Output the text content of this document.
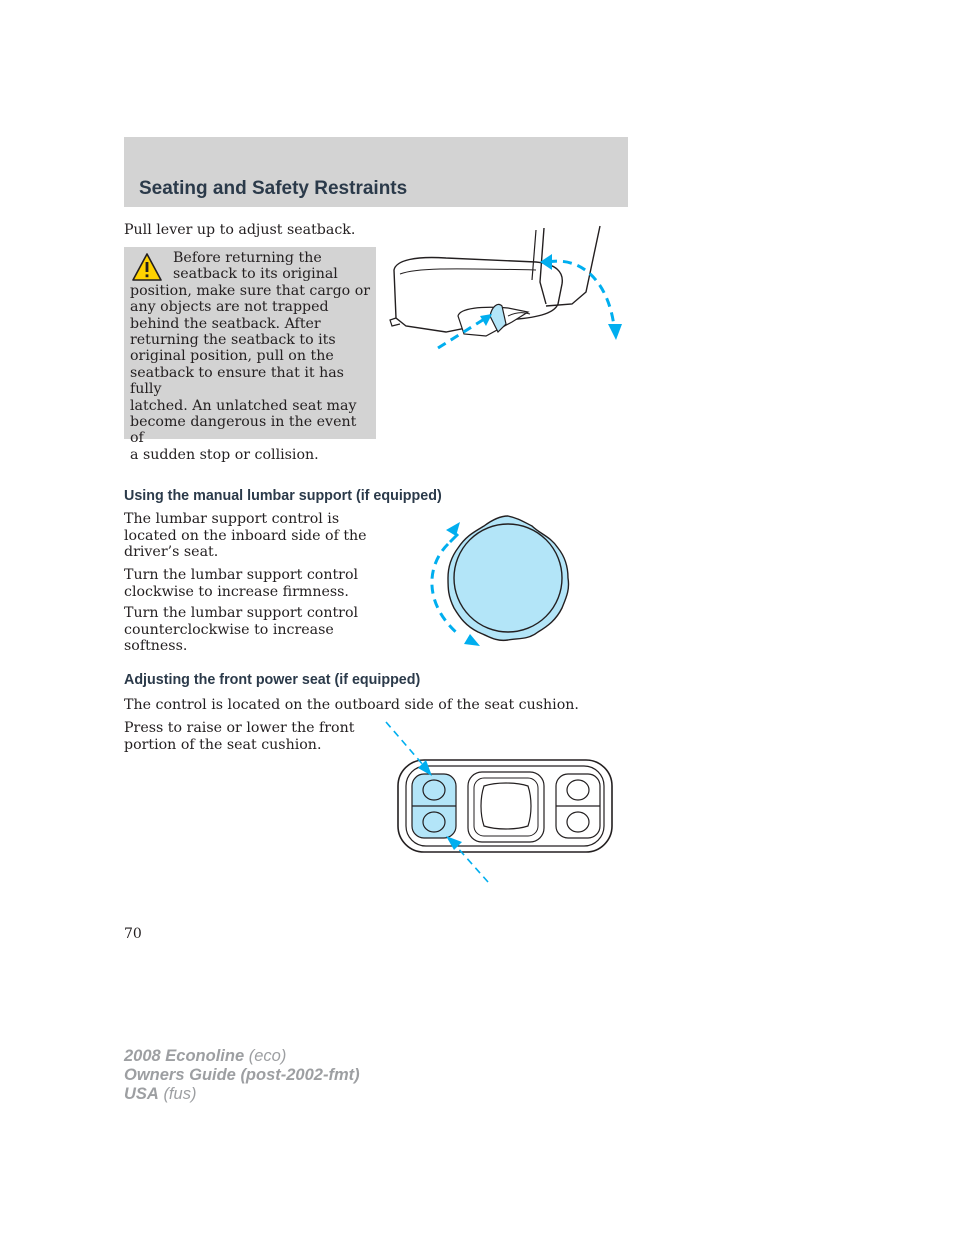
Seating and Safety Restraints
Pull lever up to adjust seatback.
Before returning the
seatback to its original
position, make sure that cargo or
any objects are not trapped
behind the seatback. After
returning the seatback to its
original position, pull on the
seatback to ensure that it has fully
latched. An unlatched seat may
become dangerous in the event of
a sudden stop or collision.
Using the manual lumbar support (if equipped)
The lumbar support control is
located on the inboard side of the
driver’s seat.
Turn the lumbar support control
clockwise to increase firmness.
Turn the lumbar support control
counterclockwise to increase
softness.
Adjusting the front power seat (if equipped)
The control is located on the outboard side of the seat cushion.
Press to raise or lower the front
portion of the seat cushion.
70
2008 Econoline (eco)
Owners Guide (post-2002-fmt)
USA (fus)
